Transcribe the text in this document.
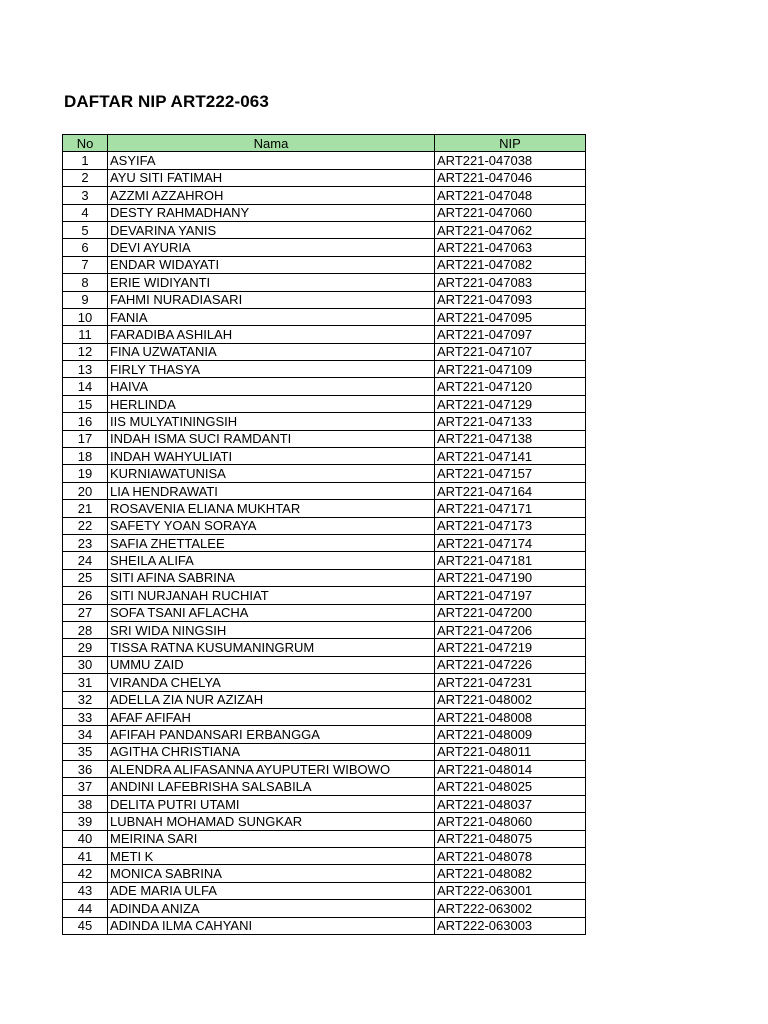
DAFTAR NIP ART222-063
No	Nama	NIP
1	ASYIFA	ART221-047038
2	AYU SITI FATIMAH	ART221-047046
3	AZZMI AZZAHROH	ART221-047048
4	DESTY RAHMADHANY	ART221-047060
5	DEVARINA YANIS	ART221-047062
6	DEVI AYURIA	ART221-047063
7	ENDAR WIDAYATI	ART221-047082
8	ERIE WIDIYANTI	ART221-047083
9	FAHMI NURADIASARI	ART221-047093
10	FANIA	ART221-047095
11	FARADIBA ASHILAH	ART221-047097
12	FINA UZWATANIA	ART221-047107
13	FIRLY THASYA	ART221-047109
14	HAIVA	ART221-047120
15	HERLINDA	ART221-047129
16	IIS MULYATININGSIH	ART221-047133
17	INDAH ISMA SUCI RAMDANTI	ART221-047138
18	INDAH WAHYULIATI	ART221-047141
19	KURNIAWATUNISA	ART221-047157
20	LIA HENDRAWATI	ART221-047164
21	ROSAVENIA ELIANA MUKHTAR	ART221-047171
22	SAFETY YOAN SORAYA	ART221-047173
23	SAFIA ZHETTALEE	ART221-047174
24	SHEILA ALIFA	ART221-047181
25	SITI AFINA SABRINA	ART221-047190
26	SITI NURJANAH RUCHIAT	ART221-047197
27	SOFA TSANI AFLACHA	ART221-047200
28	SRI WIDA NINGSIH	ART221-047206
29	TISSA RATNA KUSUMANINGRUM	ART221-047219
30	UMMU ZAID	ART221-047226
31	VIRANDA CHELYA	ART221-047231
32	ADELLA ZIA NUR AZIZAH	ART221-048002
33	AFAF AFIFAH	ART221-048008
34	AFIFAH PANDANSARI ERBANGGA	ART221-048009
35	AGITHA CHRISTIANA	ART221-048011
36	ALENDRA ALIFASANNA AYUPUTERI WIBOWO	ART221-048014
37	ANDINI LAFEBRISHA SALSABILA	ART221-048025
38	DELITA PUTRI UTAMI	ART221-048037
39	LUBNAH MOHAMAD SUNGKAR	ART221-048060
40	MEIRINA SARI	ART221-048075
41	METI K	ART221-048078
42	MONICA SABRINA	ART221-048082
43	ADE MARIA ULFA	ART222-063001
44	ADINDA ANIZA	ART222-063002
45	ADINDA ILMA CAHYANI	ART222-063003
